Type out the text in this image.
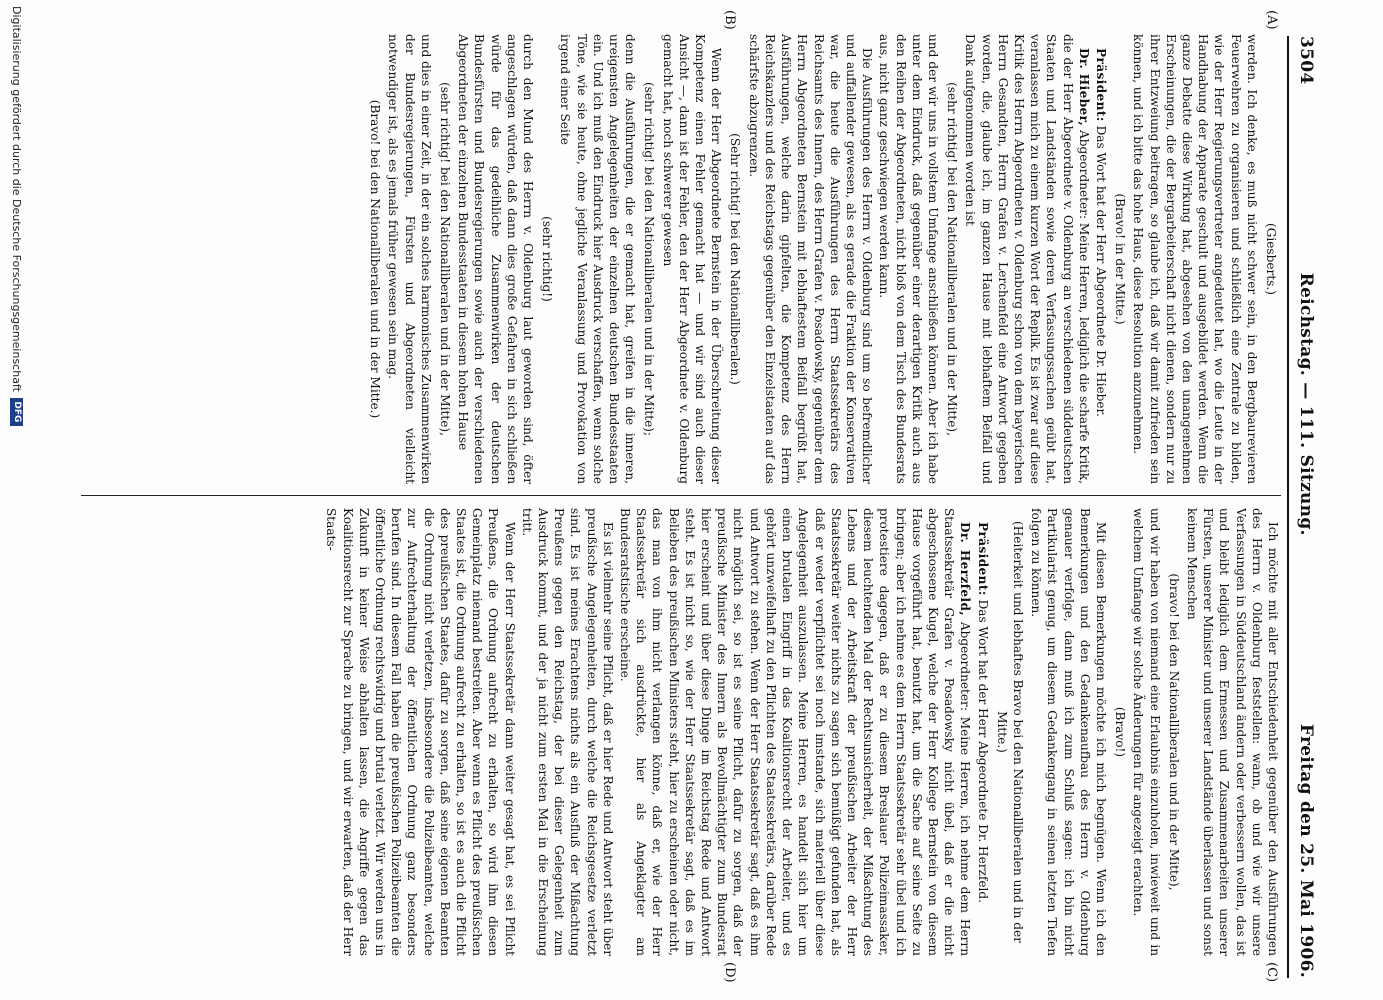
3504
Reichstag. — 111. Sitzung.
Freitag den 25. Mai 1906.
(A)
(B)
(C)
(D)

(Giesberts.)

werden. Ich denke, es muß nicht schwer sein, in den Bergbaurevieren Feuerwehren zu organisieren und schließlich eine Zentrale zu bilden, wie der Herr Regierungsvertreter angedeutet hat, wo die Leute in der Handhabung der Apparate geschult und ausgebildet werden. Wenn die ganze Debatte diese Wirkung hat, abgesehen von den unangenehmen Erscheinungen, die der Bergarbeiterschaft nicht dienen, sondern nur zu ihrer Entzweiung beitragen, so glaube ich, daß wir damit zufrieden sein können, und ich bitte das hohe Haus, diese Resolution anzunehmen.

(Bravo! in der Mitte.)

Präsident: Das Wort hat der Herr Abgeordnete Dr. Hieber.

Dr. Hieber, Abgeordneter: Meine Herren, lediglich die scharfe Kritik, die der Herr Abgeordnete v. Oldenburg an verschiedenen süddeutschen Staaten und Landständen sowie deren Verfassungssachen geübt hat, veranlassen mich zu einem kurzen Wort der Replik. Es ist zwar auf diese Kritik des Herrn Abgeordneten v. Oldenburg schon von dem bayerischen Herrn Gesandten, Herrn Grafen v. Lerchenfeld eine Antwort gegeben worden, die, glaube ich, im ganzen Hause mit lebhaftem Beifall und Dank aufgenommen worden ist

(sehr richtig! bei den Nationalliberalen und in der Mitte),

und der wir uns in vollstem Umfange anschließen können. Aber ich habe unter dem Eindruck, daß gegenüber einer derartigen Kritik auch aus den Reihen der Abgeordneten, nicht bloß von dem Tisch des Bundesrats aus, nicht ganz geschwiegen werden kann.

Die Ausführungen des Herrn v. Oldenburg sind um so befremdlicher und auffallender gewesen, als es gerade die Fraktion der Konservativen war, die heute die Ausführungen des Herrn Staatssekretärs des Reichsamts des Innern, des Herrn Grafen v. Posadowsky, gegenüber dem Herrn Abgeordneten Bernstein mit lebhaftestem Beifall begrüßt hat, Ausführungen, welche darin gipfelten, die Kompetenz des Herrn Reichskanzlers und des Reichstags gegenüber den Einzelstaaten auf das schärfste abzugrenzen.

(Sehr richtig! bei den Nationalliberalen.)

Wenn der Herr Abgeordnete Bernstein in der Überschreitung dieser Kompetenz einen Fehler gemacht hat — und wir sind auch dieser Ansicht —, dann ist der Fehler, den der Herr Abgeordnete v. Oldenburg gemacht hat, noch schwerer gewesen

(sehr richtig! bei den Nationalliberalen und in der Mitte);

denn die Ausführungen, die er gemacht hat, greifen in die inneren, ureigensten Angelegenheiten der einzelnen deutschen Bundesstaaten ein. Und ich muß den Eindruck hier Ausdruck verschaffen, wenn solche Töne, wie sie heute, ohne jegliche Veranlassung und Provokation von irgend einer Seite

(sehr richtig!)

durch den Mund des Herrn v. Oldenburg laut geworden sind, öfter angeschlagen würden, daß dann dies große Gefahren in sich schließen würde für das gedeihliche Zusammenwirken der deutschen Bundesfürsten und Bundesregierungen sowie auch der verschiedenen Abgeordneten der einzelnen Bundesstaaten in diesem hohen Hause

(sehr richtig! bei den Nationalliberalen und in der Mitte),

und dies in einer Zeit, in der ein solches harmonisches Zusammenwirken der Bundesregierungen, Fürsten und Abgeordneten vielleicht notwendiger ist, als es jemals früher gewesen sein mag.

(Bravo! bei den Nationalliberalen und in der Mitte.)

Ich möchte mit aller Entschiedenheit gegenüber den Ausführungen des Herrn v. Oldenburg feststellen: wann, ob und wie wir unsere Verfassungen in Süddeutschland ändern oder verbessern wollen, das ist und bleibt lediglich dem Ermessen und Zusammenarbeiten unserer Fürsten, unserer Minister und unserer Landstände überlassen und sonst keinem Menschen

(bravo! bei den Nationalliberalen und in der Mitte),

und wir haben von niemand eine Erlaubnis einzuholen, inwieweit und in welchem Umfange wir solche Änderungen für angezeigt erachten.

(Bravo!)

Mit diesen Bemerkungen möchte ich mich begnügen. Wenn ich den Bemerkungen und den Gedankenaufbau des Herrn v. Oldenburg genauer verfolge, dann muß ich zum Schluß sagen: ich bin nicht Partikularist genug, um diesem Gedankengang in seinen letzten Tiefen folgen zu können.

(Heiterkeit und lebhaftes Bravo bei den Nationalliberalen und in der Mitte.)

Präsident: Das Wort hat der Herr Abgeordnete Dr. Herzfeld.

Dr. Herzfeld, Abgeordneter: Meine Herren, ich nehme dem Herrn Staatssekretär Grafen v. Posadowsky nicht übel, daß er die nicht abgeschossene Kugel, welche der Herr Kollege Bernstein von diesem Hause vorgeführt hat, benutzt hat, um die Sache auf seine Seite zu bringen; aber ich nehme es dem Herrn Staatssekretär sehr übel und ich protestiere dagegen, daß er zu diesem Breslauer Polizeimassaker, diesem leuchtenden Mal der Rechtsunsicherheit, der Mißachtung des Lebens und der Arbeitskraft der preußischen Arbeiter der Herr Staatssekretär weiter nichts zu sagen sich bemüßigt gefunden hat, als daß er weder verpflichtet sei noch imstande, sich materiell über diese Angelegenheit auszulassen. Meine Herren, es handelt sich hier um einen brutalen Eingriff in das Koalitionsrecht der Arbeiter, und es gehört unzweifelhaft zu den Pflichten des Staatssekretärs, darüber Rede und Antwort zu stehen. Wenn der Herr Staatssekretär sagt, daß es ihm nicht möglich sei, so ist es seine Pflicht, dafür zu sorgen, daß der preußische Minister des Innern als Bevollmächtigter zum Bundesrat hier erscheint und über diese Dinge im Reichstag Rede und Antwort steht. Es ist nicht so, wie der Herr Staatssekretär sagt, daß es im Belieben des preußischen Ministers steht, hier zu erscheinen oder nicht, das man von ihm nicht verlangen könne, daß er, wie der Herr Staatssekretär sich ausdrückte, hier als Angeklagter am Bundesratstische erscheine.

Es ist vielmehr seine Pflicht, daß er hier Rede und Antwort steht über preußische Angelegenheiten, durch welche die Reichsgesetze verletzt sind. Es ist meines Erachtens nichts als ein Ausfluß der Mißachtung Preußens gegen den Reichstag, der bei dieser Gelegenheit zum Ausdruck kommt, und der ja nicht zum ersten Mal in die Erscheinung tritt.

Wenn der Herr Staatssekretär dann weiter gesagt hat, es sei Pflicht Preußens, die Ordnung aufrecht zu erhalten, so wird ihm diesen Gemeinplatz niemand bestreiten. Aber wenn es Pflicht des preußischen Staates ist, die Ordnung aufrecht zu erhalten, so ist es auch die Pflicht des preußischen Staates, dafür zu sorgen, daß seine eigenen Beamten die Ordnung nicht verletzen, insbesondere die Polizeibeamten, welche zur Aufrechterhaltung der öffentlichen Ordnung ganz besonders berufen sind. In diesem Fall haben die preußischen Polizeibeamten die öffentliche Ordnung rechtswidrig und brutal verletzt. Wir werden uns in Zukunft in keiner Weise abhalten lassen, die Angriffe gegen das Koalitionsrecht zur Sprache zu bringen, und wir erwarten, daß der Herr Staats-

Digitalisierung gefördert durch die Deutsche Forschungsgemeinschaft
DFG
